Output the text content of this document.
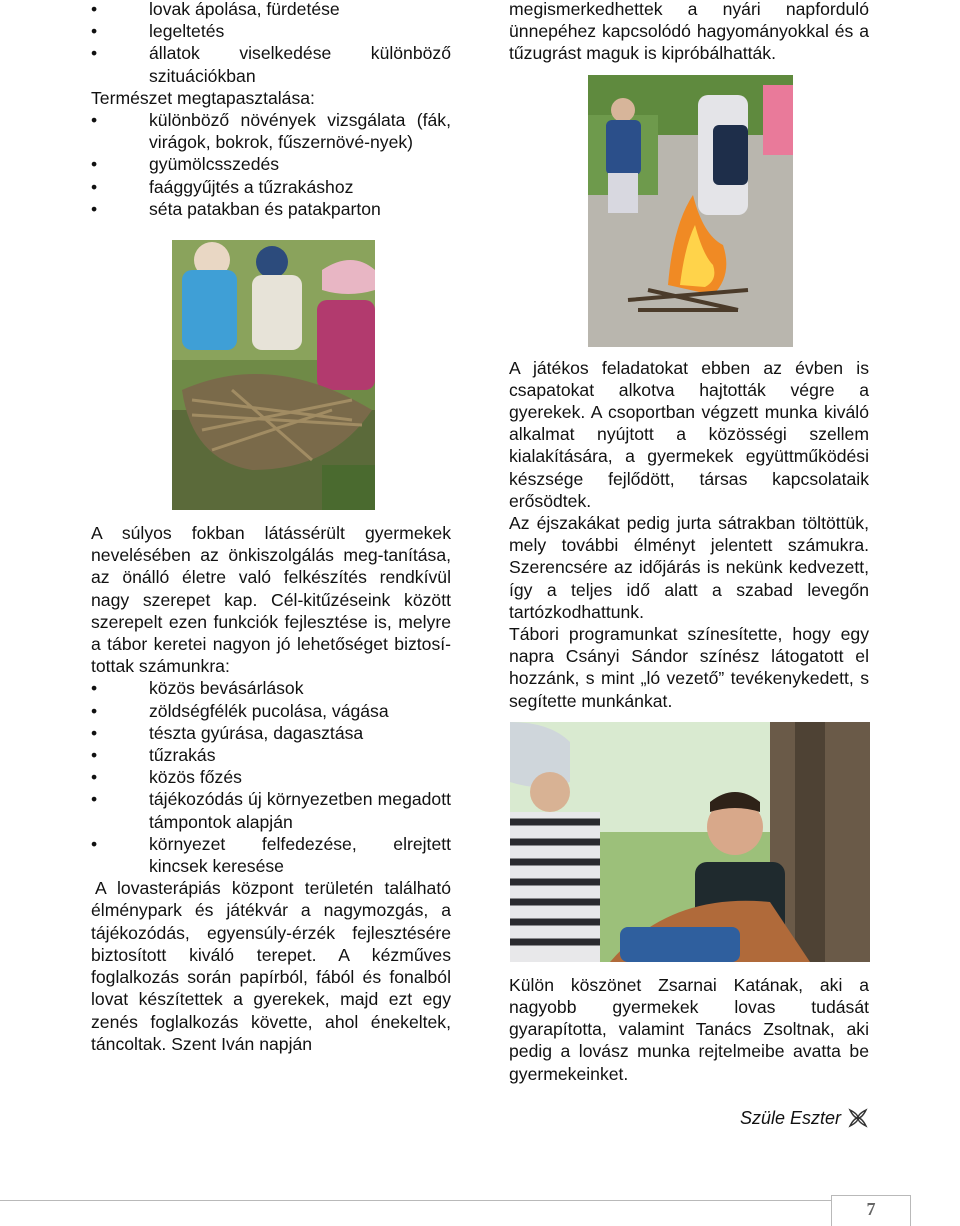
• lovak ápolása, fürdetése
• legeltetés
• állatok viselkedése különböző szituációkban

Természet megtapasztalása:

• különböző növények vizsgálata (fák, virágok, bokrok, fűszernövé-nyek)
• gyümölcsszedés
• faággyűjtés a tűzrakáshoz
• séta patakban és patakparton

A súlyos fokban látássérült gyermekek nevelésében az önkiszolgálás meg-tanítása, az önálló életre való felkészítés rendkívül nagy szerepet kap. Cél-kitűzéseink között szerepelt ezen funkciók fejlesztése is, melyre a tábor keretei nagyon jó lehetőséget biztosí-tottak számunkra:

• közös bevásárlások
• zöldségfélék pucolása, vágása
• tészta gyúrása, dagasztása
• tűzrakás
• közös főzés
• tájékozódás új környezetben megadott támpontok alapján
• környezet felfedezése, elrejtett kincsek keresése

A lovasterápiás központ területén található élménypark és játékvár a nagymozgás, a tájékozódás, egyensúly-érzék fejlesztésére biztosított kiváló terepet. A kézműves foglalkozás során papírból, fából és fonalból lovat készítettek a gyerekek, majd ezt egy zenés foglalkozás követte, ahol énekeltek, táncoltak. Szent Iván napján

megismerkedhettek a nyári napforduló ünnepéhez kapcsolódó hagyományokkal és a tűzugrást maguk is kipróbálhatták.

A játékos feladatokat ebben az évben is csapatokat alkotva hajtották végre a gyerekek. A csoportban végzett munka kiváló alkalmat nyújtott a közösségi szellem kialakítására, a gyermekek együttműködési készsége fejlődött, társas kapcsolataik erősödtek.

Az éjszakákat pedig jurta sátrakban töltöttük, mely további élményt jelentett számukra. Szerencsére az időjárás is nekünk kedvezett, így a teljes idő alatt a szabad levegőn tartózkodhattunk.

Tábori programunkat színesítette, hogy egy napra Csányi Sándor színész látogatott el hozzánk, s mint „ló vezető” tevékenykedett, s segítette munkánkat.

Külön köszönet Zsarnai Katának, aki a nagyobb gyermekek lovas tudását gyarapította, valamint Tanács Zsoltnak, aki pedig a lovász munka rejtelmeibe avatta be gyermekeinket.

Szüle Eszter
7
